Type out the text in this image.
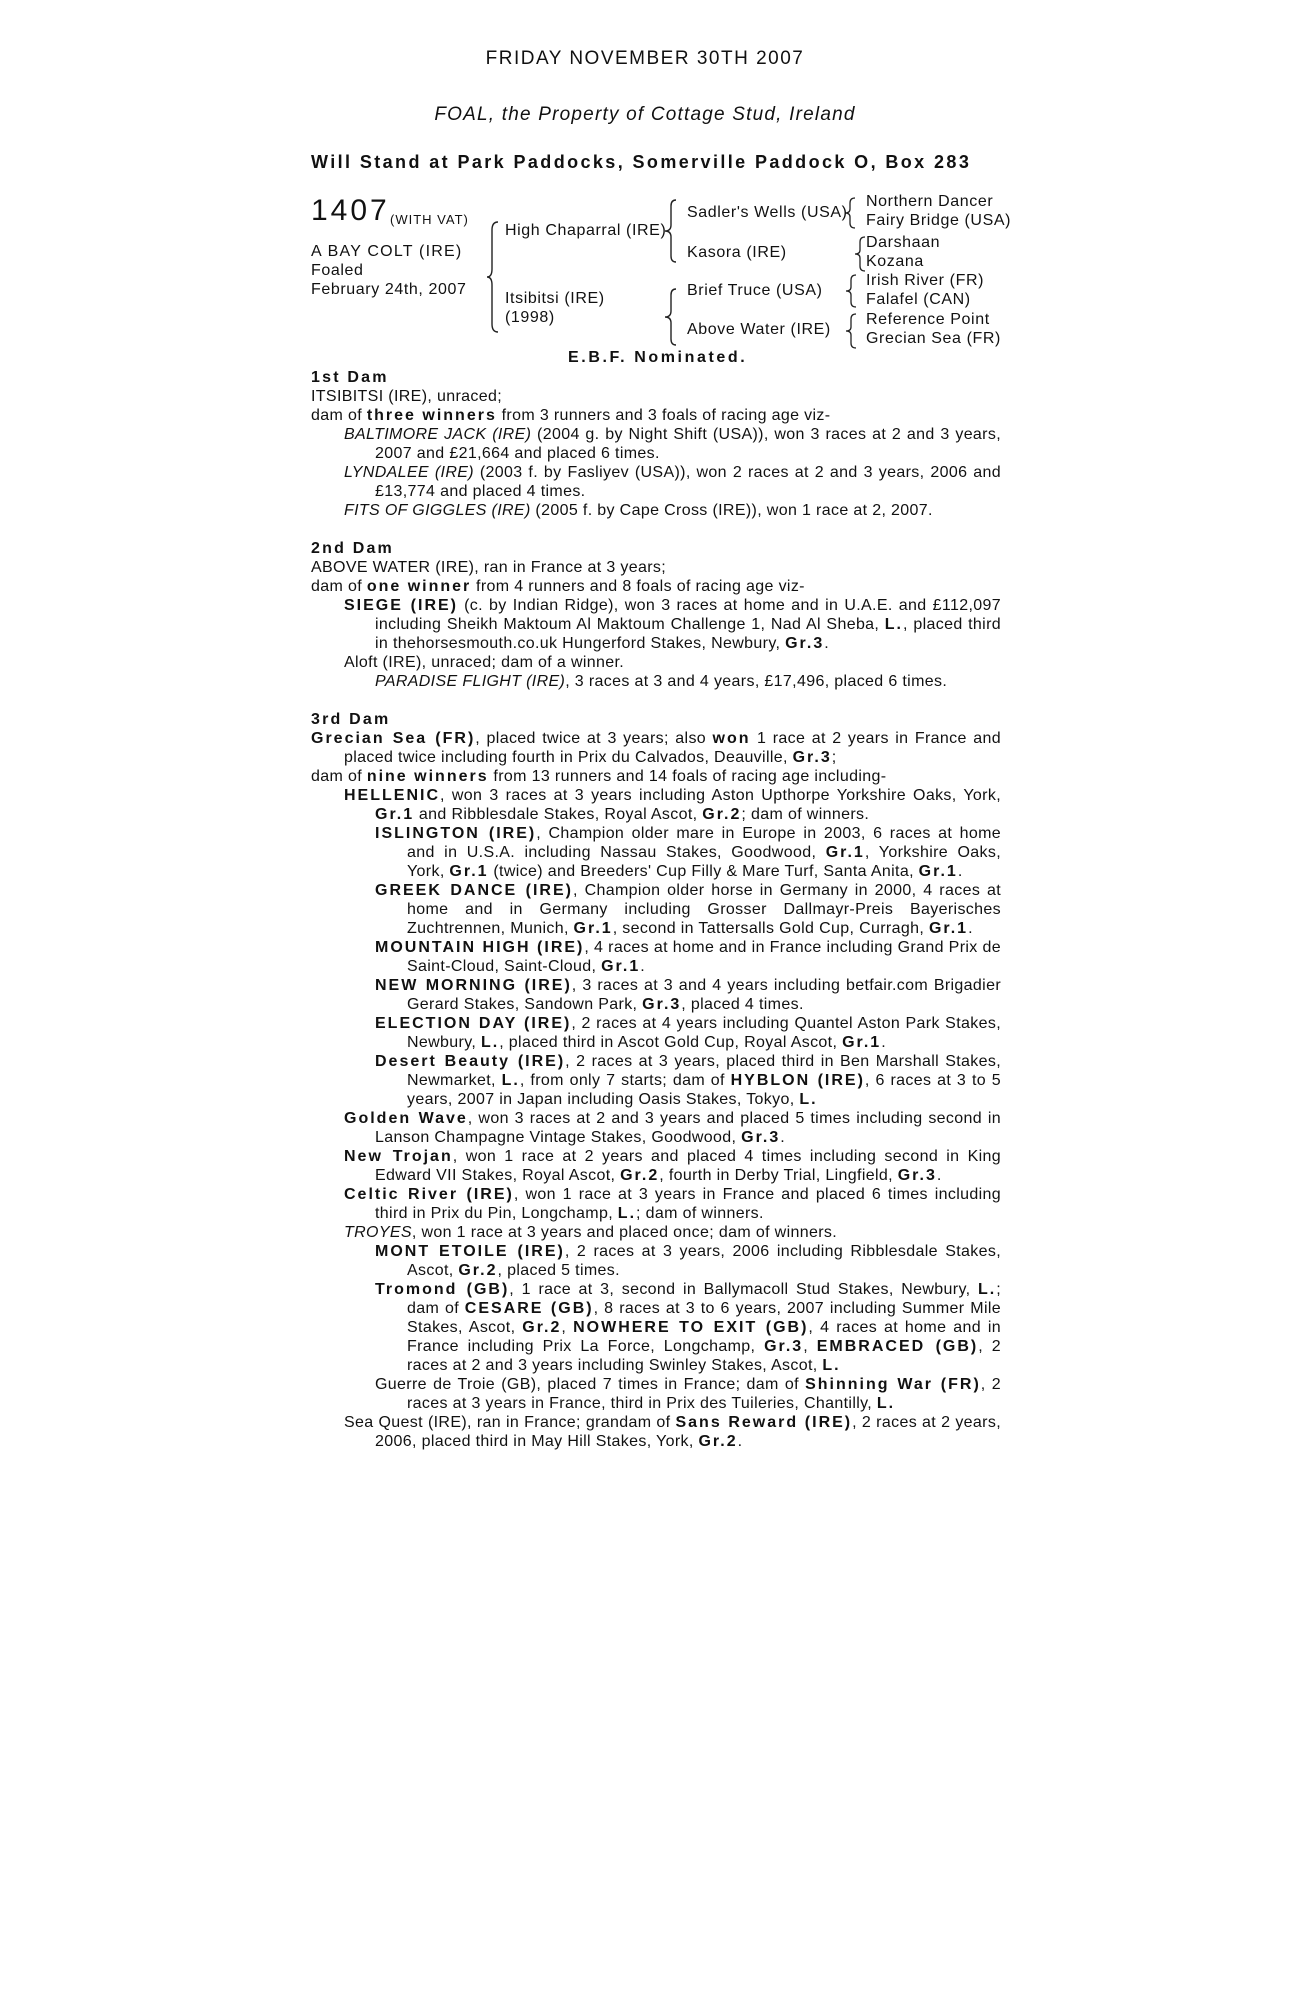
FRIDAY NOVEMBER 30TH 2007
FOAL, the Property of Cottage Stud, Ireland
Will Stand at Park Paddocks, Somerville Paddock O, Box 283
1407 (WITH VAT)
A BAY COLT (IRE)
Foaled
February 24th, 2007
High Chaparral (IRE)
Itsibitsi (IRE)
(1998)
Sadler's Wells (USA)
Kasora (IRE)
Brief Truce (USA)
Above Water (IRE)
Northern Dancer
Fairy Bridge (USA)
Darshaan
Kozana
Irish River (FR)
Falafel (CAN)
Reference Point
Grecian Sea (FR)
E.B.F. Nominated.

1st Dam

ITSIBITSI (IRE), unraced;

dam of three winners from 3 runners and 3 foals of racing age viz-

BALTIMORE JACK (IRE) (2004 g. by Night Shift (USA)), won 3 races at 2 and 3 years, 2007 and £21,664 and placed 6 times.

LYNDALEE (IRE) (2003 f. by Fasliyev (USA)), won 2 races at 2 and 3 years, 2006 and £13,774 and placed 4 times.

FITS OF GIGGLES (IRE) (2005 f. by Cape Cross (IRE)), won 1 race at 2, 2007.

2nd Dam

ABOVE WATER (IRE), ran in France at 3 years;

dam of one winner from 4 runners and 8 foals of racing age viz-

SIEGE (IRE) (c. by Indian Ridge), won 3 races at home and in U.A.E. and £112,097 including Sheikh Maktoum Al Maktoum Challenge 1, Nad Al Sheba, L., placed third in thehorsesmouth.co.uk Hungerford Stakes, Newbury, Gr.3.

Aloft (IRE), unraced; dam of a winner.

PARADISE FLIGHT (IRE), 3 races at 3 and 4 years, £17,496, placed 6 times.

3rd Dam

Grecian Sea (FR), placed twice at 3 years; also won 1 race at 2 years in France and placed twice including fourth in Prix du Calvados, Deauville, Gr.3;

dam of nine winners from 13 runners and 14 foals of racing age including-

HELLENIC, won 3 races at 3 years including Aston Upthorpe Yorkshire Oaks, York, Gr.1 and Ribblesdale Stakes, Royal Ascot, Gr.2; dam of winners.

ISLINGTON (IRE), Champion older mare in Europe in 2003, 6 races at home and in U.S.A. including Nassau Stakes, Goodwood, Gr.1, Yorkshire Oaks, York, Gr.1 (twice) and Breeders' Cup Filly & Mare Turf, Santa Anita, Gr.1.

GREEK DANCE (IRE), Champion older horse in Germany in 2000, 4 races at home and in Germany including Grosser Dallmayr-Preis Bayerisches Zuchtrennen, Munich, Gr.1, second in Tattersalls Gold Cup, Curragh, Gr.1.

MOUNTAIN HIGH (IRE), 4 races at home and in France including Grand Prix de Saint-Cloud, Saint-Cloud, Gr.1.

NEW MORNING (IRE), 3 races at 3 and 4 years including betfair.com Brigadier Gerard Stakes, Sandown Park, Gr.3, placed 4 times.

ELECTION DAY (IRE), 2 races at 4 years including Quantel Aston Park Stakes, Newbury, L., placed third in Ascot Gold Cup, Royal Ascot, Gr.1.

Desert Beauty (IRE), 2 races at 3 years, placed third in Ben Marshall Stakes, Newmarket, L., from only 7 starts; dam of HYBLON (IRE), 6 races at 3 to 5 years, 2007 in Japan including Oasis Stakes, Tokyo, L.

Golden Wave, won 3 races at 2 and 3 years and placed 5 times including second in Lanson Champagne Vintage Stakes, Goodwood, Gr.3.

New Trojan, won 1 race at 2 years and placed 4 times including second in King Edward VII Stakes, Royal Ascot, Gr.2, fourth in Derby Trial, Lingfield, Gr.3.

Celtic River (IRE), won 1 race at 3 years in France and placed 6 times including third in Prix du Pin, Longchamp, L.; dam of winners.

TROYES, won 1 race at 3 years and placed once; dam of winners.

MONT ETOILE (IRE), 2 races at 3 years, 2006 including Ribblesdale Stakes, Ascot, Gr.2, placed 5 times.

Tromond (GB), 1 race at 3, second in Ballymacoll Stud Stakes, Newbury, L.; dam of CESARE (GB), 8 races at 3 to 6 years, 2007 including Summer Mile Stakes, Ascot, Gr.2, NOWHERE TO EXIT (GB), 4 races at home and in France including Prix La Force, Longchamp, Gr.3, EMBRACED (GB), 2 races at 2 and 3 years including Swinley Stakes, Ascot, L.

Guerre de Troie (GB), placed 7 times in France; dam of Shinning War (FR), 2 races at 3 years in France, third in Prix des Tuileries, Chantilly, L.

Sea Quest (IRE), ran in France; grandam of Sans Reward (IRE), 2 races at 2 years, 2006, placed third in May Hill Stakes, York, Gr.2.
